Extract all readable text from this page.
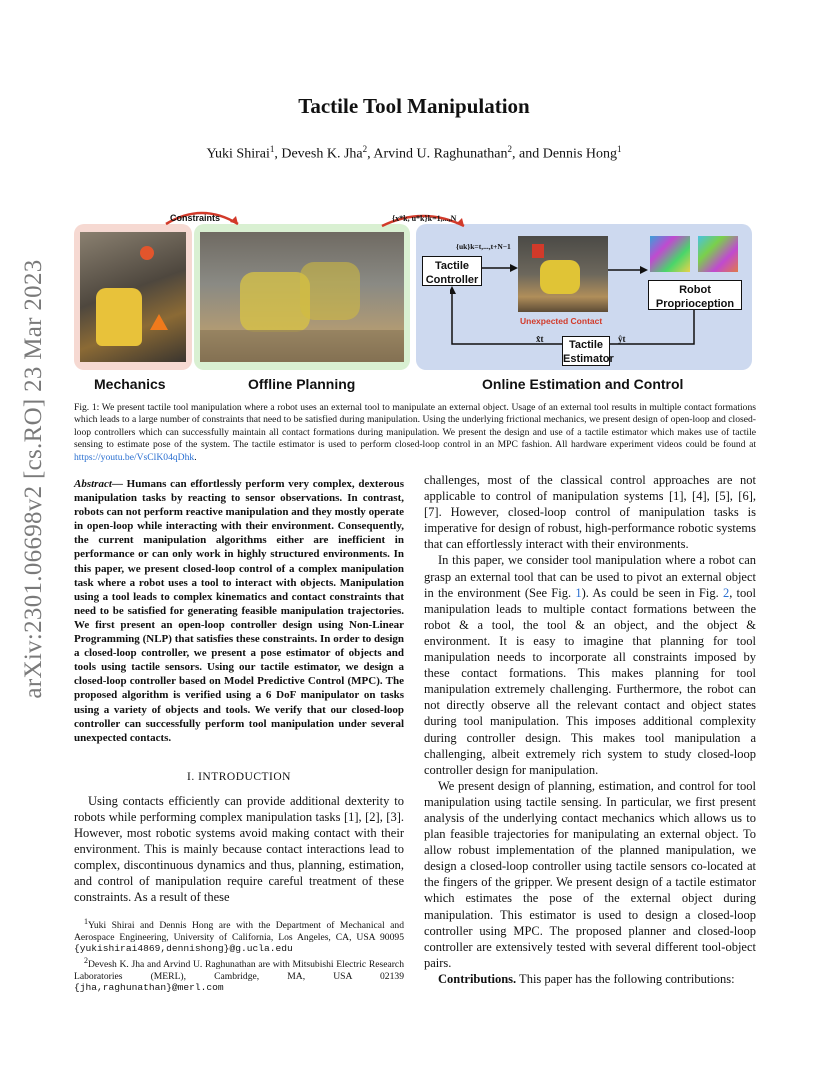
arXiv:2301.06698v2 [cs.RO] 23 Mar 2023
Tactile Tool Manipulation
Yuki Shirai$^1$, Devesh K. Jha$^2$, Arvind U. Raghunathan$^2$, and Dennis Hong$^1$
Constraints	{x*k, u*k}k=1,...,N
{uk}k=t,...,t+N−1
Tactile Controller
Robot Proprioception
Unexpected Contact
Tactile Estimator
x̂t	ŷt
Mechanics	Offline Planning	Online Estimation and Control
Fig. 1: We present tactile tool manipulation where a robot uses an external tool to manipulate an external object. Usage of an external tool results in multiple contact formations which leads to a large number of constraints that need to be satisfied during manipulation. Using the underlying frictional mechanics, we present design of open-loop and closed-loop controllers which can successfully maintain all contact formations during manipulation. We present the design and use of a tactile estimator which makes use of tactile sensing to estimate pose of the system. The tactile estimator is used to perform closed-loop control in an MPC fashion. All hardware experiment videos could be found at https://youtu.be/VsClK04qDhk.
Abstract— Humans can effortlessly perform very complex, dexterous manipulation tasks by reacting to sensor observations. In contrast, robots can not perform reactive manipulation and they mostly operate in open-loop while interacting with their environment. Consequently, the current manipulation algorithms either are inefficient in performance or can only work in highly structured environments. In this paper, we present closed-loop control of a complex manipulation task where a robot uses a tool to interact with objects. Manipulation using a tool leads to complex kinematics and contact constraints that need to be satisfied for generating feasible manipulation trajectories. We first present an open-loop controller design using Non-Linear Programming (NLP) that satisfies these constraints. In order to design a closed-loop controller, we present a pose estimator of objects and tools using tactile sensors. Using our tactile estimator, we design a closed-loop controller based on Model Predictive Control (MPC). The proposed algorithm is verified using a 6 DoF manipulator on tasks using a variety of objects and tools. We verify that our closed-loop controller can successfully perform tool manipulation under several unexpected contacts.
I. INTRODUCTION
Using contacts efficiently can provide additional dexterity to robots while performing complex manipulation tasks [1], [2], [3]. However, most robotic systems avoid making contact with their environment. This is mainly because contact interactions lead to complex, discontinuous dynamics and thus, planning, estimation, and control of manipulation require careful treatment of these constraints. As a result of these
$^1$Yuki Shirai and Dennis Hong are with the Department of Mechanical and Aerospace Engineering, University of California, Los Angeles, CA, USA 90095 {yukishirai4869,dennishong}@g.ucla.edu
$^2$Devesh K. Jha and Arvind U. Raghunathan are with Mitsubishi Electric Research Laboratories (MERL), Cambridge, MA, USA 02139 {jha,raghunathan}@merl.com

challenges, most of the classical control approaches are not applicable to control of manipulation systems [1], [4], [5], [6], [7]. However, closed-loop control of manipulation tasks is imperative for design of robust, high-performance robotic systems that can effortlessly interact with their environments.

In this paper, we consider tool manipulation where a robot can grasp an external tool that can be used to pivot an external object in the environment (See Fig. 1). As could be seen in Fig. 2, tool manipulation leads to multiple contact formations between the robot & a tool, the tool & an object, and the object & environment. It is easy to imagine that planning for tool manipulation needs to incorporate all constraints imposed by these contact formations. This makes planning for tool manipulation extremely challenging. Furthermore, the robot can not directly observe all the relevant contact and object states during tool manipulation. This imposes additional complexity during controller design. This makes tool manipulation a challenging, albeit extremely rich system to study closed-loop controller design for manipulation.

We present design of planning, estimation, and control for tool manipulation using tactile sensing. In particular, we first present analysis of the underlying contact mechanics which allows us to plan feasible trajectories for manipulating an external object. To allow robust implementation of the planned manipulation, we design a closed-loop controller using tactile sensors co-located at the fingers of the gripper. We present design of a tactile estimator which estimates the pose of the external object during manipulation. This estimator is used to design a closed-loop controller using MPC. The proposed planner and closed-loop controller are extensively tested with several different tool-object pairs.

Contributions. This paper has the following contributions:
